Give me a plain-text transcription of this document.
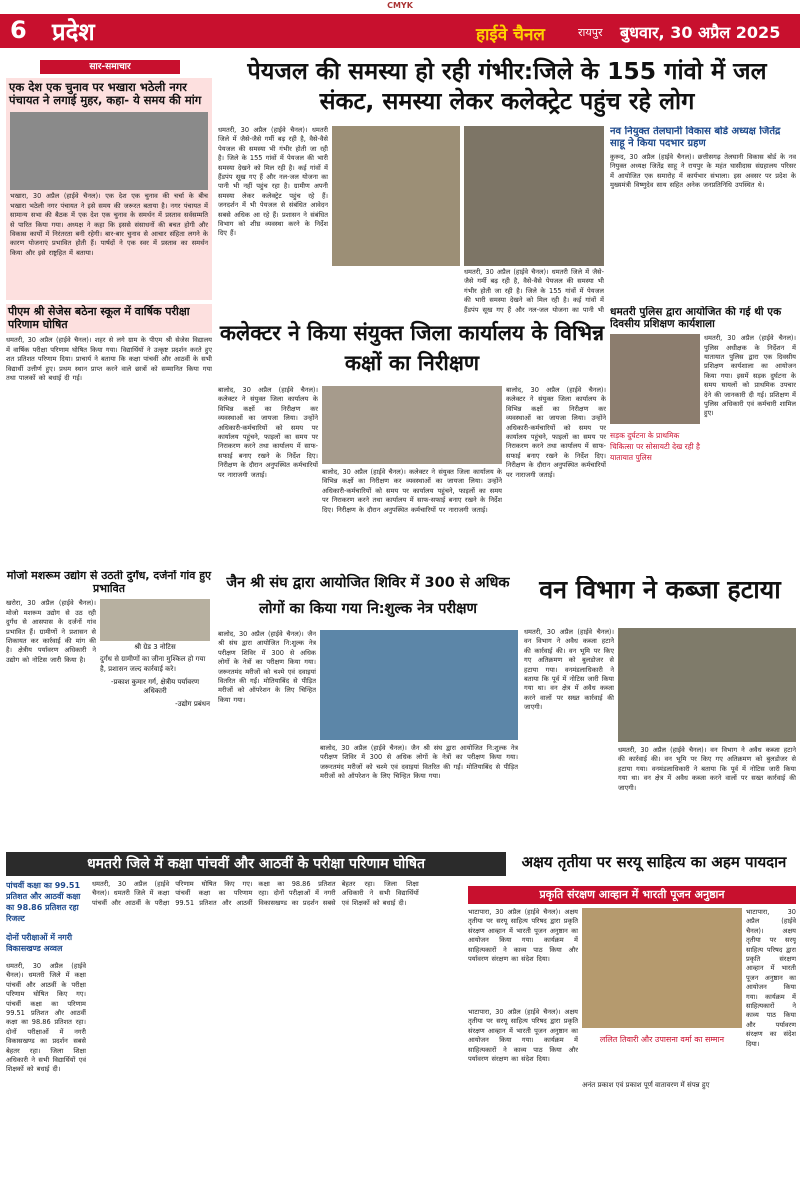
CMYK
6 प्रदेश	हाईवे चैनल	रायपुर बुधवार, 30 अप्रैल 2025
सार-समाचार
एक देश एक चुनाव पर भखारा भठेली नगर पंचायत ने लगाई मुहर, कहा- ये समय की मांग
भखारा, 30 अप्रैल (हाईवे चैनल)। एक देश एक चुनाव की चर्चा के बीच भखारा भठेली नगर पंचायत ने इसे समय की जरूरत बताया है। नगर पंचायत में सामान्य सभा की बैठक में एक देश एक चुनाव के समर्थन में प्रस्ताव सर्वसम्मति से पारित किया गया। अध्यक्ष ने कहा कि इससे संसाधनों की बचत होगी और विकास कार्यों में निरंतरता बनी रहेगी। बार-बार चुनाव से आचार संहिता लगने के कारण योजनाएं प्रभावित होती हैं। पार्षदों ने एक स्वर में प्रस्ताव का समर्थन किया और इसे राष्ट्रहित में बताया।
पीएम श्री सेजेस बठेना स्कूल में वार्षिक परीक्षा परिणाम घोषित
धमतरी, 30 अप्रैल (हाईवे चैनल)। शहर से लगे ग्राम के पीएम श्री सेजेस विद्यालय में वार्षिक परीक्षा परिणाम घोषित किया गया। विद्यार्थियों ने उत्कृष्ट प्रदर्शन करते हुए शत प्रतिशत परिणाम दिया। प्राचार्य ने बताया कि कक्षा पांचवीं और आठवीं के सभी विद्यार्थी उत्तीर्ण हुए। प्रथम स्थान प्राप्त करने वाले छात्रों को सम्मानित किया गया तथा पालकों को बधाई दी गई।
मोजो मशरूम उद्योग से उठती दुर्गंध, दर्जनों गांव हुए प्रभावित
खरोरा, 30 अप्रैल (हाईवे चैनल)। मोजो मशरूम उद्योग से उठ रही दुर्गंध से आसपास के दर्जनों गांव प्रभावित हैं। ग्रामीणों ने प्रशासन से शिकायत कर कार्रवाई की मांग की है। क्षेत्रीय पर्यावरण अधिकारी ने उद्योग को नोटिस जारी किया है।
श्री ग्रेड 3 नोटिस
दुर्गंध से ग्रामीणों का जीना मुश्किल हो गया है, प्रशासन जल्द कार्रवाई करे।
-प्रकाश कुमार गर्ग, क्षेत्रीय पर्यावरण अधिकारी
-उद्योग प्रबंधन
पेयजल की समस्या हो रही गंभीर:जिले के 155 गांवो में जल संकट, समस्या लेकर कलेक्ट्रेट पहुंच रहे लोग
धमतरी, 30 अप्रैल (हाईवे चैनल)। धमतरी जिले में जैसे-जैसे गर्मी बढ़ रही है, वैसे-वैसे पेयजल की समस्या भी गंभीर होती जा रही है। जिले के 155 गांवों में पेयजल की भारी समस्या देखने को मिल रही है। कई गांवों में हैंडपंप सूख गए हैं और नल-जल योजना का पानी भी नहीं पहुंच रहा है। ग्रामीण अपनी समस्या लेकर कलेक्ट्रेट पहुंच रहे हैं। जनदर्शन में भी पेयजल से संबंधित आवेदन सबसे अधिक आ रहे हैं। प्रशासन ने संबंधित विभाग को शीघ्र व्यवस्था करने के निर्देश दिए हैं।
धमतरी, 30 अप्रैल (हाईवे चैनल)। धमतरी जिले में जैसे-जैसे गर्मी बढ़ रही है, वैसे-वैसे पेयजल की समस्या भी गंभीर होती जा रही है। जिले के 155 गांवों में पेयजल की भारी समस्या देखने को मिल रही है। कई गांवों में हैंडपंप सूख गए हैं और नल-जल योजना का पानी भी
नव नियुक्त तेलघानी विकास बोर्ड अध्यक्ष जितेंद्र साहू ने किया पदभार ग्रहण
कुरूद, 30 अप्रैल (हाईवे चैनल)। छत्तीसगढ़ तेलघानी विकास बोर्ड के नव नियुक्त अध्यक्ष जितेंद्र साहू ने रायपुर के महंत घासीदास संग्रहालय परिसर में आयोजित एक समारोह में कार्यभार संभाला। इस अवसर पर प्रदेश के मुख्यमंत्री विष्णुदेव साय सहित अनेक जनप्रतिनिधि उपस्थित थे।
धमतरी पुलिस द्वारा आयोजित की गई थी एक दिवसीय प्रशिक्षण कार्यशाला
सड़क दुर्घटना के प्राथमिक चिकित्सा पर सोसायटी देख रही है यातायात पुलिस
धमतरी, 30 अप्रैल (हाईवे चैनल)। पुलिस अधीक्षक के निर्देशन में यातायात पुलिस द्वारा एक दिवसीय प्रशिक्षण कार्यशाला का आयोजन किया गया। इसमें सड़क दुर्घटना के समय घायलों को प्राथमिक उपचार देने की जानकारी दी गई। प्रशिक्षण में पुलिस अधिकारी एवं कर्मचारी शामिल हुए।
कलेक्टर ने किया संयुक्त जिला कार्यालय के विभिन्न कक्षों का निरीक्षण
बालोद, 30 अप्रैल (हाईवे चैनल)। कलेक्टर ने संयुक्त जिला कार्यालय के विभिन्न कक्षों का निरीक्षण कर व्यवस्थाओं का जायजा लिया। उन्होंने अधिकारी-कर्मचारियों को समय पर कार्यालय पहुंचने, फाइलों का समय पर निराकरण करने तथा कार्यालय में साफ-सफाई बनाए रखने के निर्देश दिए। निरीक्षण के दौरान अनुपस्थित कर्मचारियों पर नाराजगी जताई।	बालोद, 30 अप्रैल (हाईवे चैनल)। कलेक्टर ने संयुक्त जिला कार्यालय के विभिन्न कक्षों का निरीक्षण कर व्यवस्थाओं का जायजा लिया। उन्होंने अधिकारी-कर्मचारियों को समय पर कार्यालय पहुंचने, फाइलों का समय पर निराकरण करने तथा कार्यालय में साफ-सफाई बनाए रखने के निर्देश दिए। निरीक्षण के दौरान अनुपस्थित कर्मचारियों पर नाराजगी जताई।
बालोद, 30 अप्रैल (हाईवे चैनल)। कलेक्टर ने संयुक्त जिला कार्यालय के विभिन्न कक्षों का निरीक्षण कर व्यवस्थाओं का जायजा लिया। उन्होंने अधिकारी-कर्मचारियों को समय पर कार्यालय पहुंचने, फाइलों का समय पर निराकरण करने तथा कार्यालय में साफ-सफाई बनाए रखने के निर्देश दिए। निरीक्षण के दौरान अनुपस्थित कर्मचारियों पर नाराजगी जताई।
जैन श्री संघ द्वारा आयोजित शिविर में 300 से अधिक लोगों का किया गया नि:शुल्क नेत्र परीक्षण
बालोद, 30 अप्रैल (हाईवे चैनल)। जैन श्री संघ द्वारा आयोजित नि:शुल्क नेत्र परीक्षण शिविर में 300 से अधिक लोगों के नेत्रों का परीक्षण किया गया। जरूरतमंद मरीजों को चश्मे एवं दवाइयां वितरित की गईं। मोतियाबिंद से पीड़ित मरीजों को ऑपरेशन के लिए चिन्हित किया गया।
बालोद, 30 अप्रैल (हाईवे चैनल)। जैन श्री संघ द्वारा आयोजित नि:शुल्क नेत्र परीक्षण शिविर में 300 से अधिक लोगों के नेत्रों का परीक्षण किया गया। जरूरतमंद मरीजों को चश्मे एवं दवाइयां वितरित की गईं। मोतियाबिंद से पीड़ित मरीजों को ऑपरेशन के लिए चिन्हित किया गया।
वन विभाग ने कब्जा हटाया
धमतरी, 30 अप्रैल (हाईवे चैनल)। वन विभाग ने अवैध कब्जा हटाने की कार्रवाई की। वन भूमि पर किए गए अतिक्रमण को बुलडोजर से हटाया गया। वनमंडलाधिकारी ने बताया कि पूर्व में नोटिस जारी किया गया था। वन क्षेत्र में अवैध कब्जा करने वालों पर सख्त कार्रवाई की जाएगी।
धमतरी, 30 अप्रैल (हाईवे चैनल)। वन विभाग ने अवैध कब्जा हटाने की कार्रवाई की। वन भूमि पर किए गए अतिक्रमण को बुलडोजर से हटाया गया। वनमंडलाधिकारी ने बताया कि पूर्व में नोटिस जारी किया गया था। वन क्षेत्र में अवैध कब्जा करने वालों पर सख्त कार्रवाई की जाएगी।
धमतरी जिले में कक्षा पांचवीं और आठवीं के परीक्षा परिणाम घोषित
पांचवीं कक्षा का 99.51 प्रतिशत और आठवीं कक्षा का 98.86 प्रतिशत रहा रिजल्ट
दोनों परीक्षाओं में नगरी विकासखण्ड अव्वल
धमतरी, 30 अप्रैल (हाईवे चैनल)। धमतरी जिले में कक्षा पांचवीं और आठवीं के परीक्षा परिणाम घोषित किए गए। पांचवीं कक्षा का परिणाम 99.51 प्रतिशत और आठवीं कक्षा का 98.86 प्रतिशत रहा। दोनों परीक्षाओं में नगरी विकासखण्ड का प्रदर्शन सबसे बेहतर रहा। जिला शिक्षा अधिकारी ने सभी विद्यार्थियों एवं शिक्षकों को बधाई दी।
धमतरी, 30 अप्रैल (हाईवे चैनल)। धमतरी जिले में कक्षा पांचवीं और आठवीं के परीक्षा परिणाम घोषित किए गए। पांचवीं कक्षा का परिणाम 99.51 प्रतिशत और आठवीं कक्षा का 98.86 प्रतिशत रहा। दोनों परीक्षाओं में नगरी विकासखण्ड का प्रदर्शन सबसे बेहतर रहा। जिला शिक्षा अधिकारी ने सभी विद्यार्थियों एवं शिक्षकों को बधाई दी।
अक्षय तृतीया पर सरयू साहित्य का अहम पायदान
प्रकृति संरक्षण आव्हान में भारती पूजन अनुष्ठान
भाटापारा, 30 अप्रैल (हाईवे चैनल)। अक्षय तृतीया पर सरयू साहित्य परिषद द्वारा प्रकृति संरक्षण आव्हान में भारती पूजन अनुष्ठान का आयोजन किया गया। कार्यक्रम में साहित्यकारों ने काव्य पाठ किया और पर्यावरण संरक्षण का संदेश दिया।
भाटापारा, 30 अप्रैल (हाईवे चैनल)। अक्षय तृतीया पर सरयू साहित्य परिषद द्वारा प्रकृति संरक्षण आव्हान में भारती पूजन अनुष्ठान का आयोजन किया गया। कार्यक्रम में साहित्यकारों ने काव्य पाठ किया और पर्यावरण संरक्षण का संदेश दिया।
ललित तिवारी और उपासना वर्मा का सम्मान
भाटापारा, 30 अप्रैल (हाईवे चैनल)। अक्षय तृतीया पर सरयू साहित्य परिषद द्वारा प्रकृति संरक्षण आव्हान में भारती पूजन अनुष्ठान का आयोजन किया गया। कार्यक्रम में साहित्यकारों ने काव्य पाठ किया और पर्यावरण संरक्षण का संदेश दिया।
अनंत प्रकाश एवं प्रकाश पूर्ण वातावरण में संपन्न हुए
